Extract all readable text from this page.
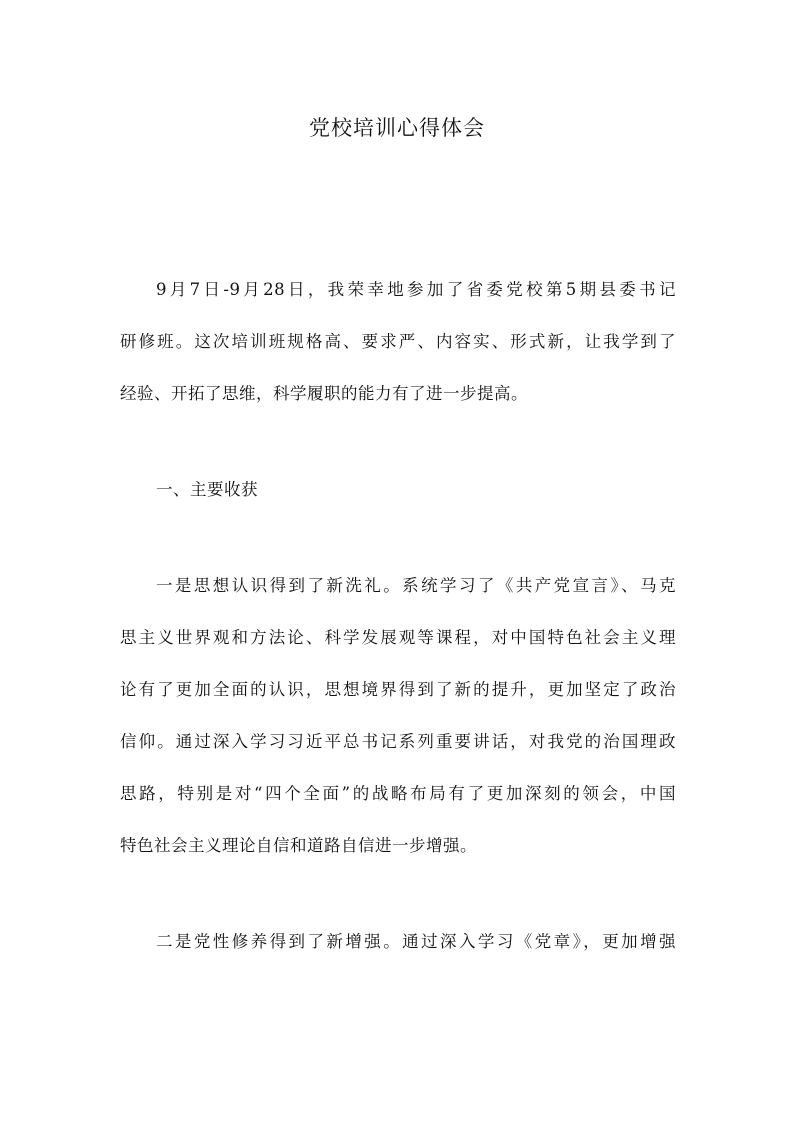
党校培训心得体会
9月7日-9月28日，我荣幸地参加了省委党校第5期县委书记
研修班。这次培训班规格高、要求严、内容实、形式新，让我学到了
经验、开拓了思维，科学履职的能力有了进一步提高。
一、主要收获
一是思想认识得到了新洗礼。系统学习了《共产党宣言》、马克
思主义世界观和方法论、科学发展观等课程，对中国特色社会主义理
论有了更加全面的认识，思想境界得到了新的提升，更加坚定了政治
信仰。通过深入学习习近平总书记系列重要讲话，对我党的治国理政
思路，特别是对“四个全面”的战略布局有了更加深刻的领会，中国
特色社会主义理论自信和道路自信进一步增强。
二是党性修养得到了新增强。通过深入学习《党章》，更加增强
